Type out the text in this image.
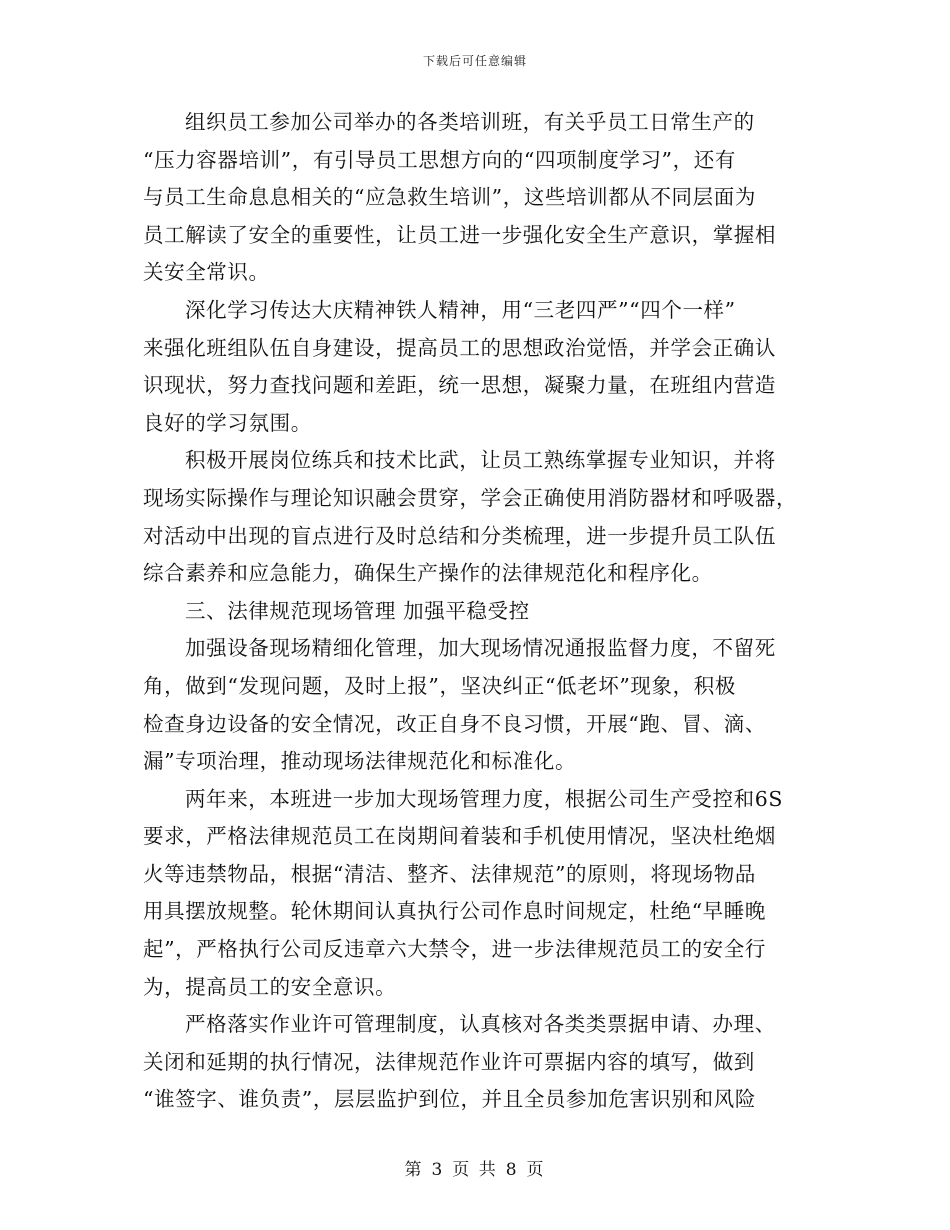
下载后可任意编辑
组织员工参加公司举办的各类培训班，有关乎员工日常生产的
“压力容器培训”，有引导员工思想方向的“四项制度学习”，还有
与员工生命息息相关的“应急救生培训”，这些培训都从不同层面为
员工解读了安全的重要性，让员工进一步强化安全生产意识，掌握相
关安全常识。
深化学习传达大庆精神铁人精神，用“三老四严”“四个一样”
来强化班组队伍自身建设，提高员工的思想政治觉悟，并学会正确认
识现状，努力查找问题和差距，统一思想，凝聚力量，在班组内营造
良好的学习氛围。
积极开展岗位练兵和技术比武，让员工熟练掌握专业知识，并将
现场实际操作与理论知识融会贯穿，学会正确使用消防器材和呼吸器，
对活动中出现的盲点进行及时总结和分类梳理，进一步提升员工队伍
综合素养和应急能力，确保生产操作的法律规范化和程序化。
三、法律规范现场管理 加强平稳受控
加强设备现场精细化管理，加大现场情况通报监督力度，不留死
角，做到“发现问题，及时上报”，坚决纠正“低老坏”现象，积极
检查身边设备的安全情况，改正自身不良习惯，开展“跑、冒、滴、
漏”专项治理，推动现场法律规范化和标准化。
两年来，本班进一步加大现场管理力度，根据公司生产受控和6S
要求，严格法律规范员工在岗期间着装和手机使用情况，坚决杜绝烟
火等违禁物品，根据“清洁、整齐、法律规范”的原则，将现场物品
用具摆放规整。轮休期间认真执行公司作息时间规定，杜绝“早睡晚
起”，严格执行公司反违章六大禁令，进一步法律规范员工的安全行
为，提高员工的安全意识。
严格落实作业许可管理制度，认真核对各类类票据申请、办理、
关闭和延期的执行情况，法律规范作业许可票据内容的填写，做到
“谁签字、谁负责”，层层监护到位，并且全员参加危害识别和风险
第 3 页 共 8 页
